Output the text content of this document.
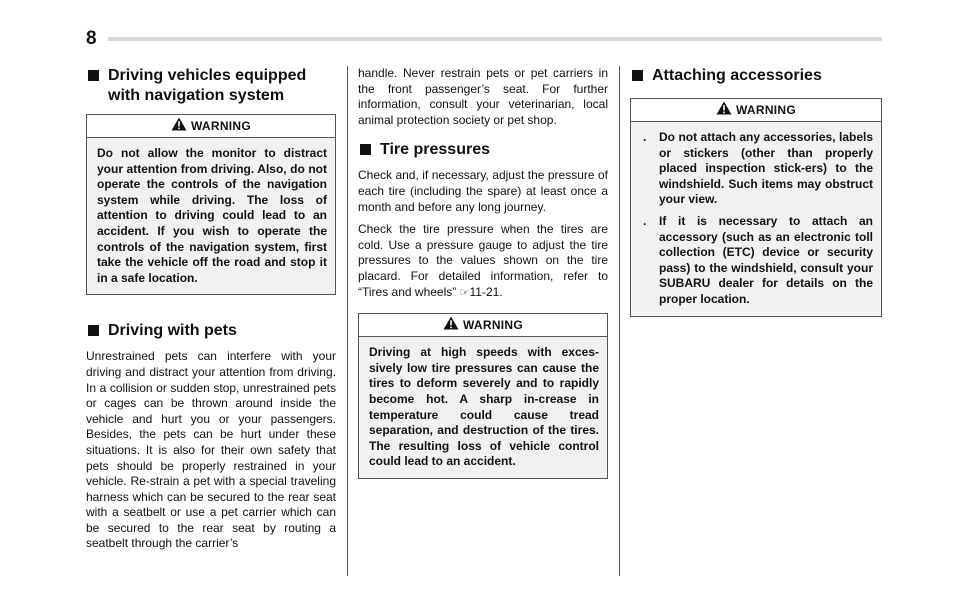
8
Driving vehicles equipped with navigation system
WARNING
Do not allow the monitor to distract your attention from driving. Also, do not operate the controls of the navigation system while driving. The loss of attention to driving could lead to an accident. If you wish to operate the controls of the navigation system, first take the vehicle off the road and stop it in a safe location.
Driving with pets

Unrestrained pets can interfere with your driving and distract your attention from driving. In a collision or sudden stop, unrestrained pets or cages can be thrown around inside the vehicle and hurt you or your passengers. Besides, the pets can be hurt under these situations. It is also for their own safety that pets should be properly restrained in your vehicle. Re-strain a pet with a special traveling harness which can be secured to the rear seat with a seatbelt or use a pet carrier which can be secured to the rear seat by routing a seatbelt through the carrier’s

handle. Never restrain pets or pet carriers in the front passenger’s seat. For further information, consult your veterinarian, local animal protection society or pet shop.

Tire pressures

Check and, if necessary, adjust the pressure of each tire (including the spare) at least once a month and before any long journey.

Check the tire pressure when the tires are cold. Use a pressure gauge to adjust the tire pressures to the values shown on the tire placard. For detailed information, refer to “Tires and wheels” ☞11-21.

WARNING
Driving at high speeds with exces-sively low tire pressures can cause the tires to deform severely and to rapidly become hot. A sharp in-crease in temperature could cause tread separation, and destruction of the tires. The resulting loss of vehicle control could lead to an accident.
Attaching accessories
WARNING
. Do not attach any accessories, labels or stickers (other than properly placed inspection stick-ers) to the windshield. Such items may obstruct your view.
. If it is necessary to attach an accessory (such as an electronic toll collection (ETC) device or security pass) to the windshield, consult your SUBARU dealer for details on the proper location.
